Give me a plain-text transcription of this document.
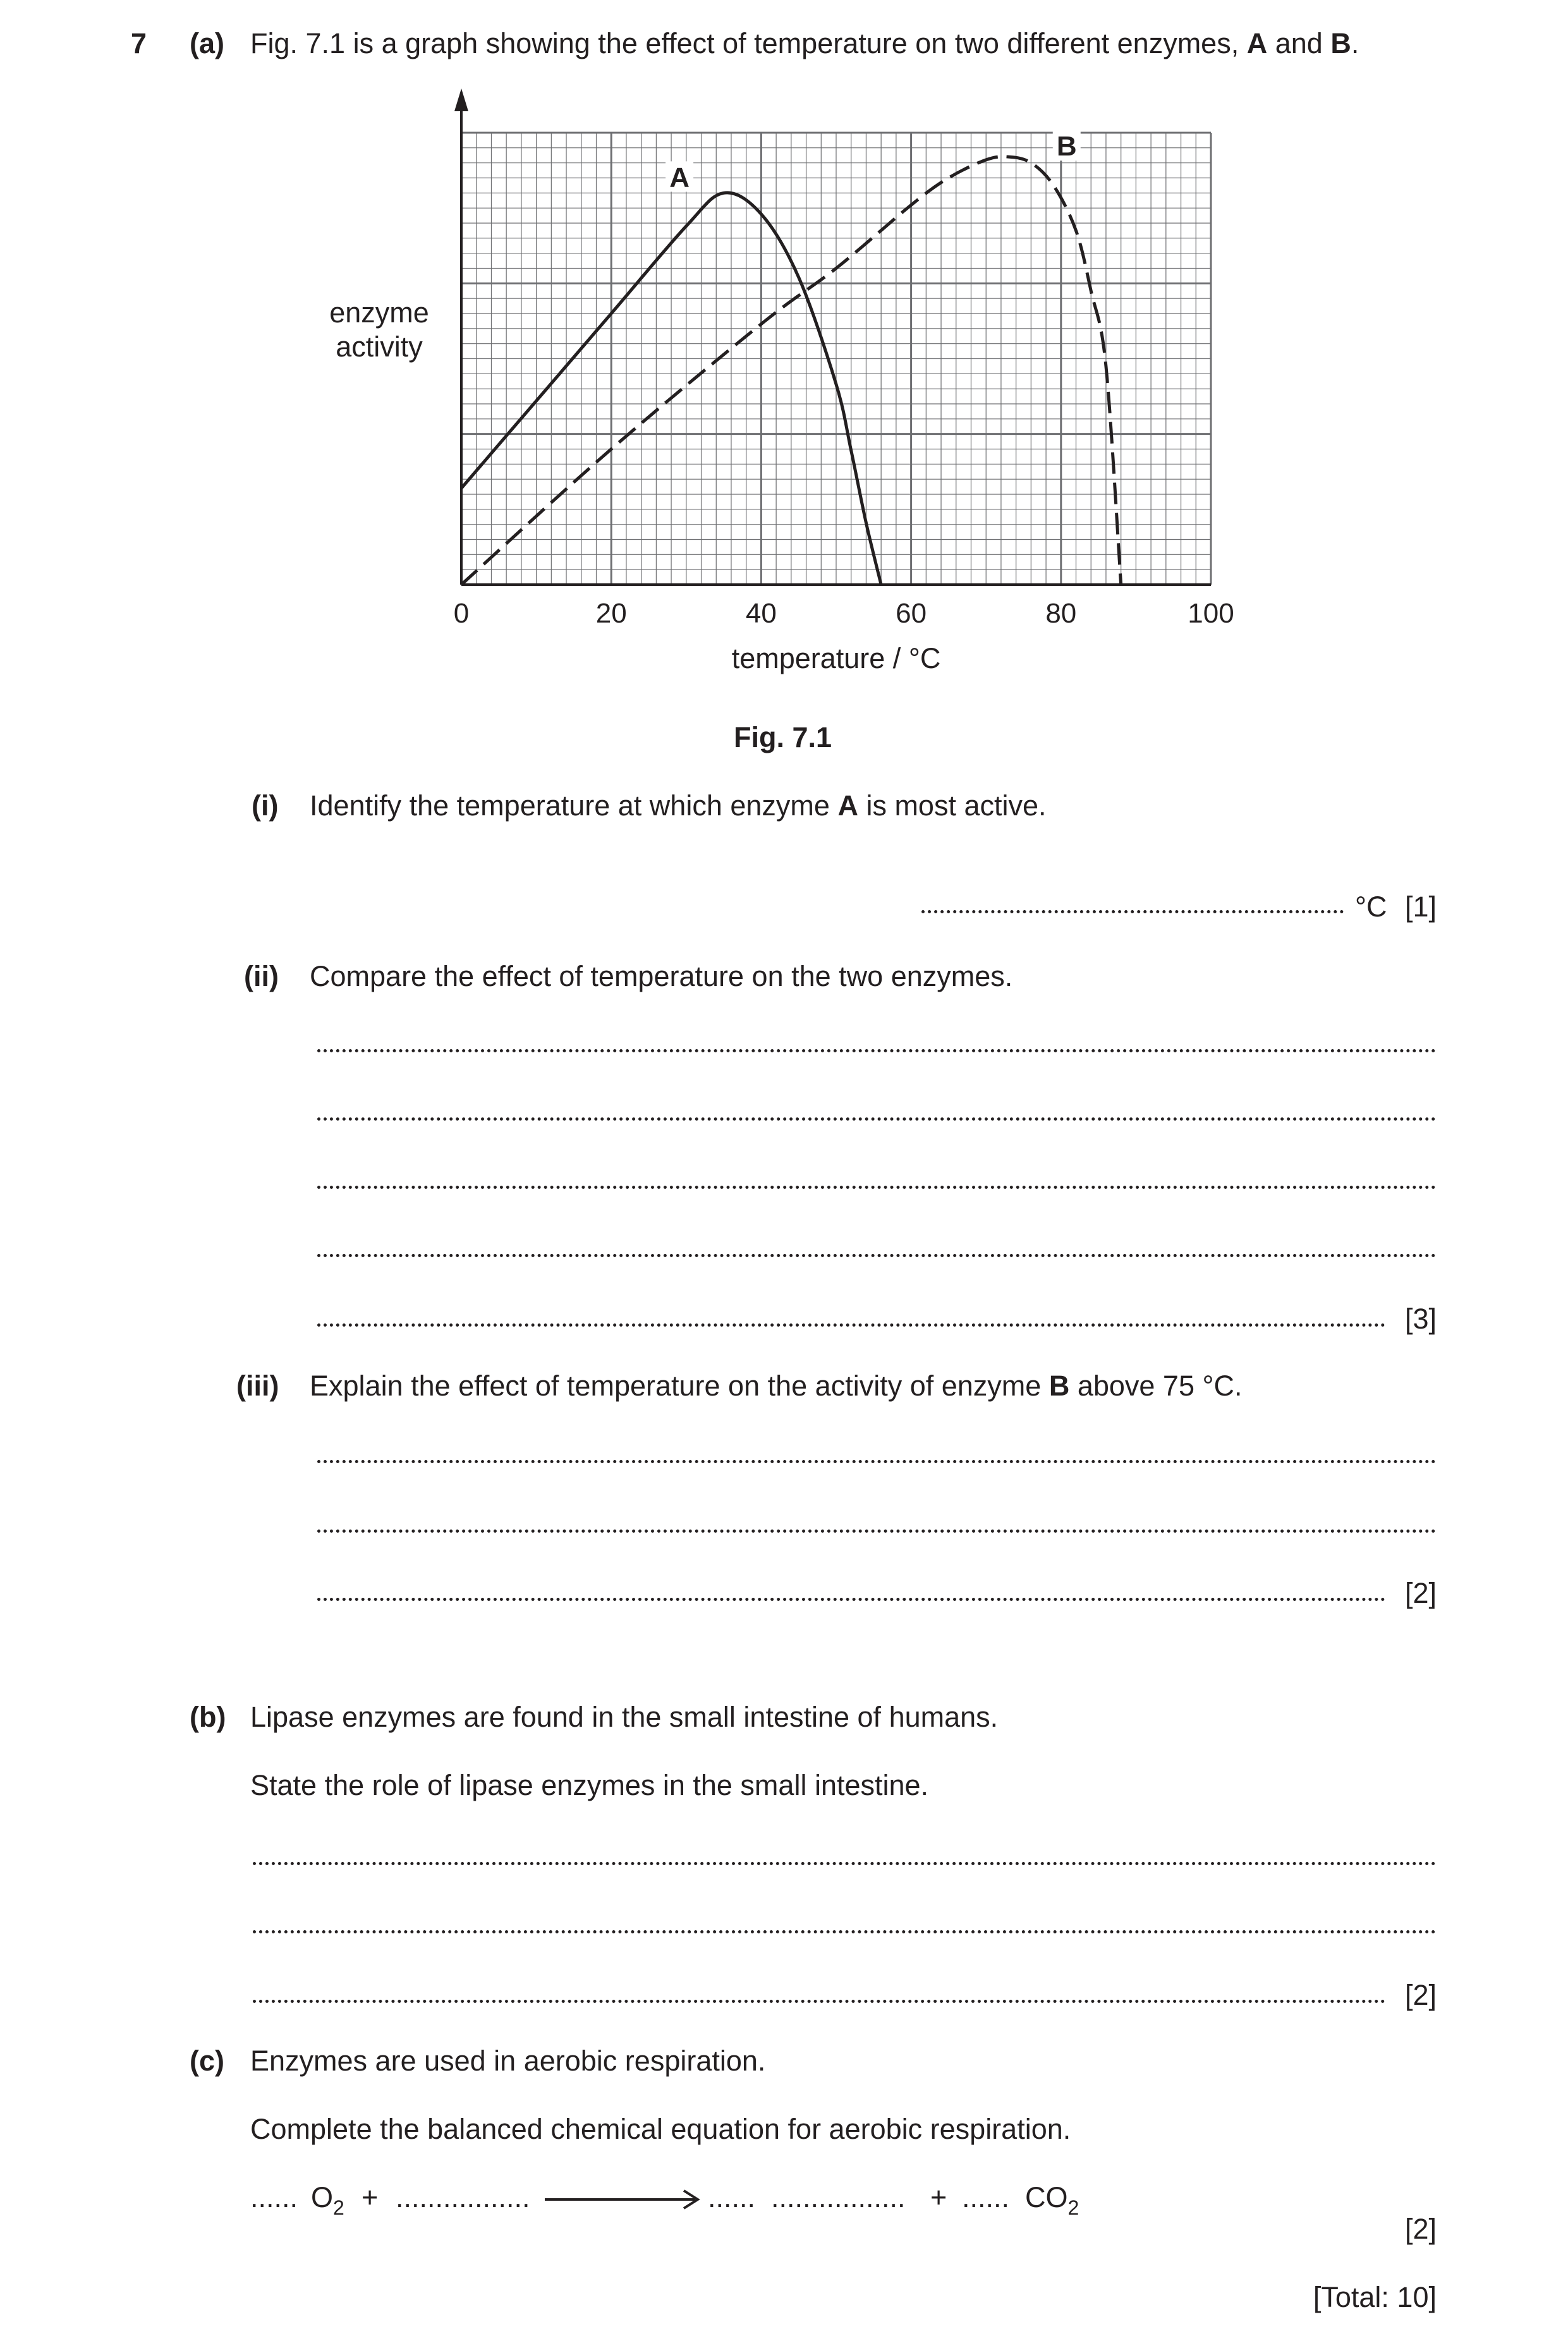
7 (a) Fig. 7.1 is a graph showing the effect of temperature on two different enzymes, A and B.
A
B
0	20	40	60	80	100
temperature / °C
enzyme
activity
Fig. 7.1
(i) Identify the temperature at which enzyme A is most active.
°C [1]
(ii) Compare the effect of temperature on the two enzymes.
[3]
(iii) Explain the effect of temperature on the activity of enzyme B above 75 °C.
[2]
(b) Lipase enzymes are found in the small intestine of humans.
State the role of lipase enzymes in the small intestine.
[2]
(c) Enzymes are used in aerobic respiration.
Complete the balanced chemical equation for aerobic respiration.
...... $O_2$ + .................	...... ................. + ...... $CO_2$
[2]
[Total: 10]
